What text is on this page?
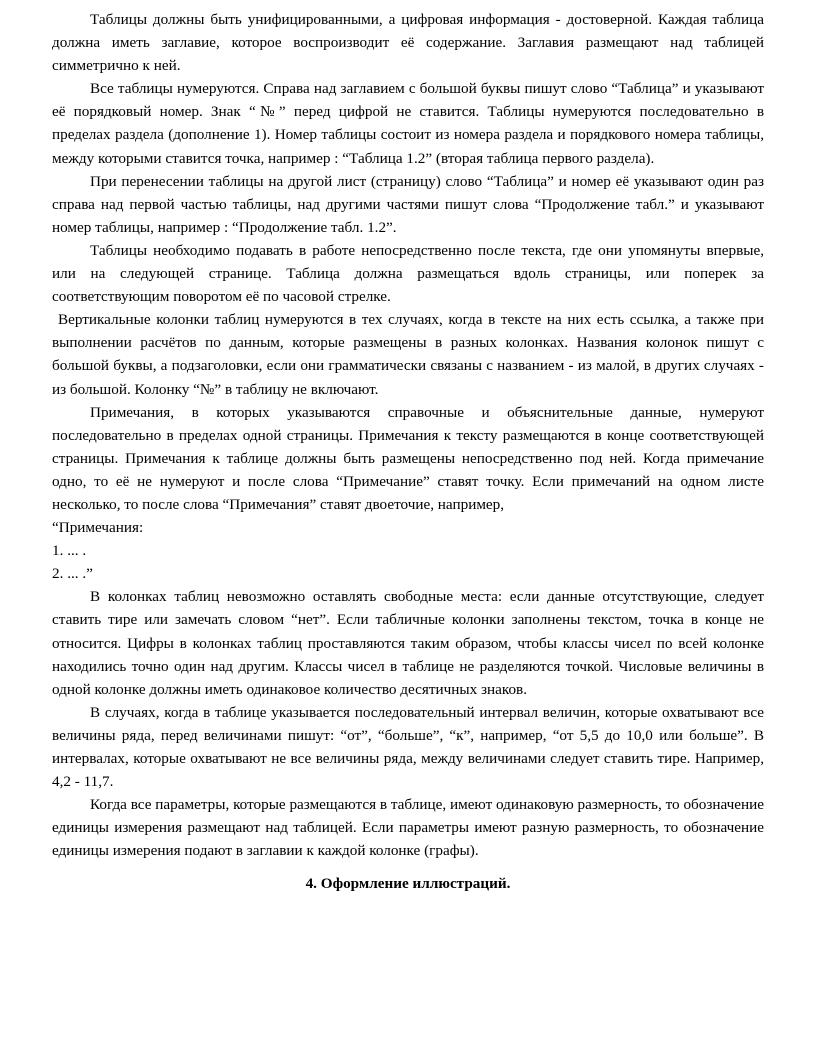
Таблицы должны быть унифицированными, а цифровая информация - достоверной. Каждая таблица должна иметь заглавие, которое воспроизводит её содержание. Заглавия размещают над таблицей симметрично к ней.

Все таблицы нумеруются. Справа над заглавием с большой буквы пишут слово “Таблица” и указывают её порядковый номер. Знак “№” перед цифрой не ставится. Таблицы нумеруются последовательно в пределах раздела (дополнение 1). Номер таблицы состоит из номера раздела и порядкового номера таблицы, между которыми ставится точка, например : “Таблица 1.2” (вторая таблица первого раздела).

При перенесении таблицы на другой лист (страницу) слово “Таблица” и номер её указывают один раз справа над первой частью таблицы, над другими частями пишут слова “Продолжение табл.” и указывают номер таблицы, например : “Продолжение табл. 1.2”.

Таблицы необходимо подавать в работе непосредственно после текста, где они упомянуты впервые, или на следующей странице. Таблица должна размещаться вдоль страницы, или поперек за соответствующим поворотом её по часовой стрелке.

Вертикальные колонки таблиц нумеруются в тех случаях, когда в тексте на них есть ссылка, а также при выполнении расчётов по данным, которые размещены в разных колонках. Названия колонок пишут с большой буквы, а подзаголовки, если они грамматически связаны с названием - из малой, в других случаях - из большой. Колонку “№” в таблицу не включают.

Примечания, в которых указываются справочные и объяснительные данные, нумеруют последовательно в пределах одной страницы. Примечания к тексту размещаются в конце соответствующей страницы. Примечания к таблице должны быть размещены непосредственно под ней. Когда примечание одно, то её не нумеруют и после слова “Примечание” ставят точку. Если примечаний на одном листе несколько, то после слова “Примечания” ставят двоеточие, например,

“Примечания:

1. ... .

2. ... .”

В колонках таблиц невозможно оставлять свободные места: если данные отсутствующие, следует ставить тире или замечать словом “нет”. Если табличные колонки заполнены текстом, точка в конце не относится. Цифры в колонках таблиц проставляются таким образом, чтобы классы чисел по всей колонке находились точно один над другим. Классы чисел в таблице не разделяются точкой. Числовые величины в одной колонке должны иметь одинаковое количество десятичных знаков.

В случаях, когда в таблице указывается последовательный интервал величин, которые охватывают все величины ряда, перед величинами пишут: “от”, “больше”, “к”, например, “от 5,5 до 10,0 или больше”. В интервалах, которые охватывают не все величины ряда, между величинами следует ставить тире. Например, 4,2 - 11,7.

Когда все параметры, которые размещаются в таблице, имеют одинаковую размерность, то обозначение единицы измерения размещают над таблицей. Если параметры имеют разную размерность, то обозначение единицы измерения подают в заглавии к каждой колонке (графы).

4. Оформление иллюстраций.
